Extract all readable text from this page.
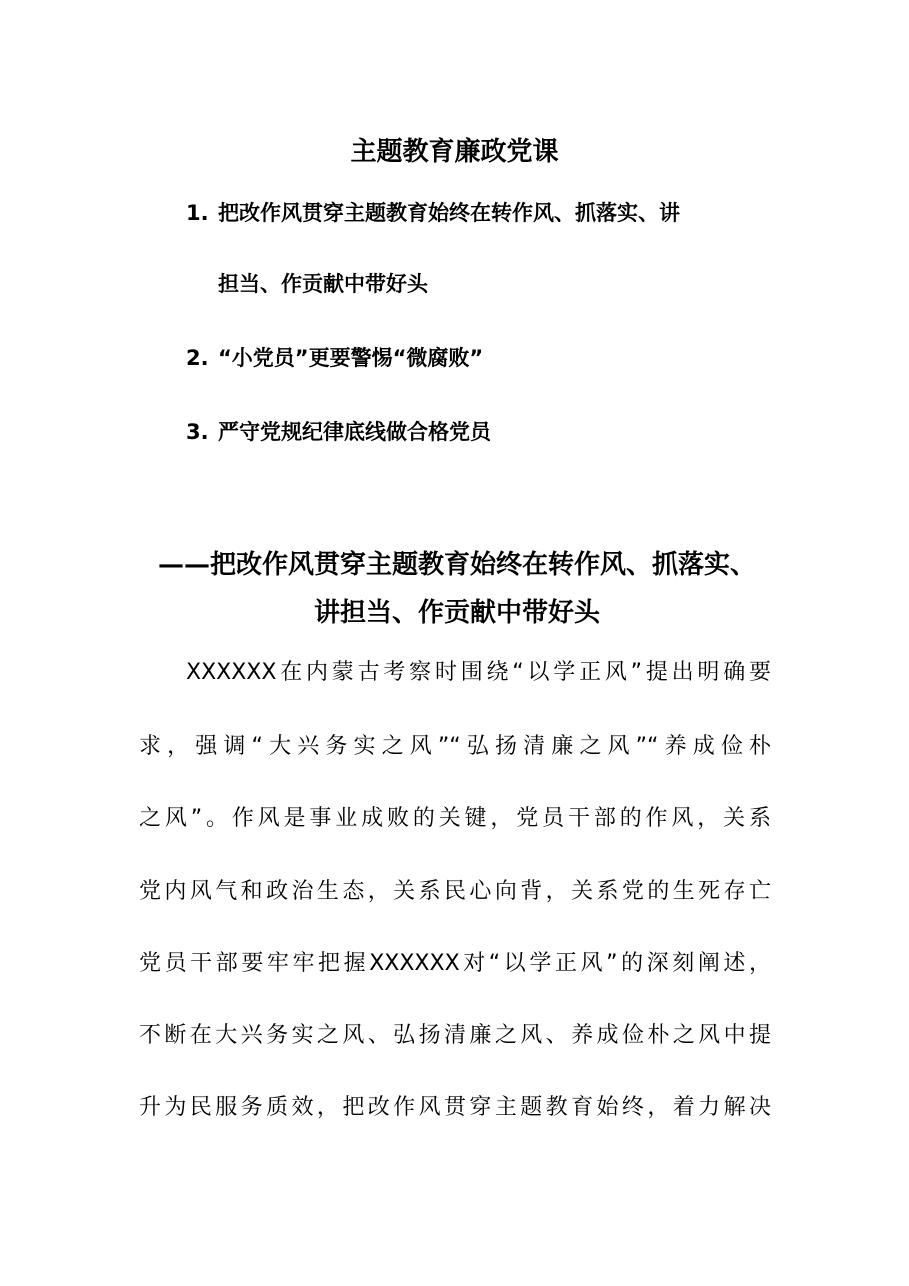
主题教育廉政党课
1. 把改作风贯穿主题教育始终在转作风、抓落实、讲
担当、作贡献中带好头
2. “小党员”更要警惕“微腐败”
3. 严守党规纪律底线做合格党员
——把改作风贯穿主题教育始终在转作风、抓落实、
讲担当、作贡献中带好头
XXXXXX在内蒙古考察时围绕“以学正风”提出明确要
求，强调“大兴务实之风”“弘扬清廉之风”“养成俭朴
之风”。作风是事业成败的关键，党员干部的作风，关系
党内风气和政治生态，关系民心向背，关系党的生死存亡
党员干部要牢牢把握XXXXXX对“以学正风”的深刻阐述，
不断在大兴务实之风、弘扬清廉之风、养成俭朴之风中提
升为民服务质效，把改作风贯穿主题教育始终，着力解决
